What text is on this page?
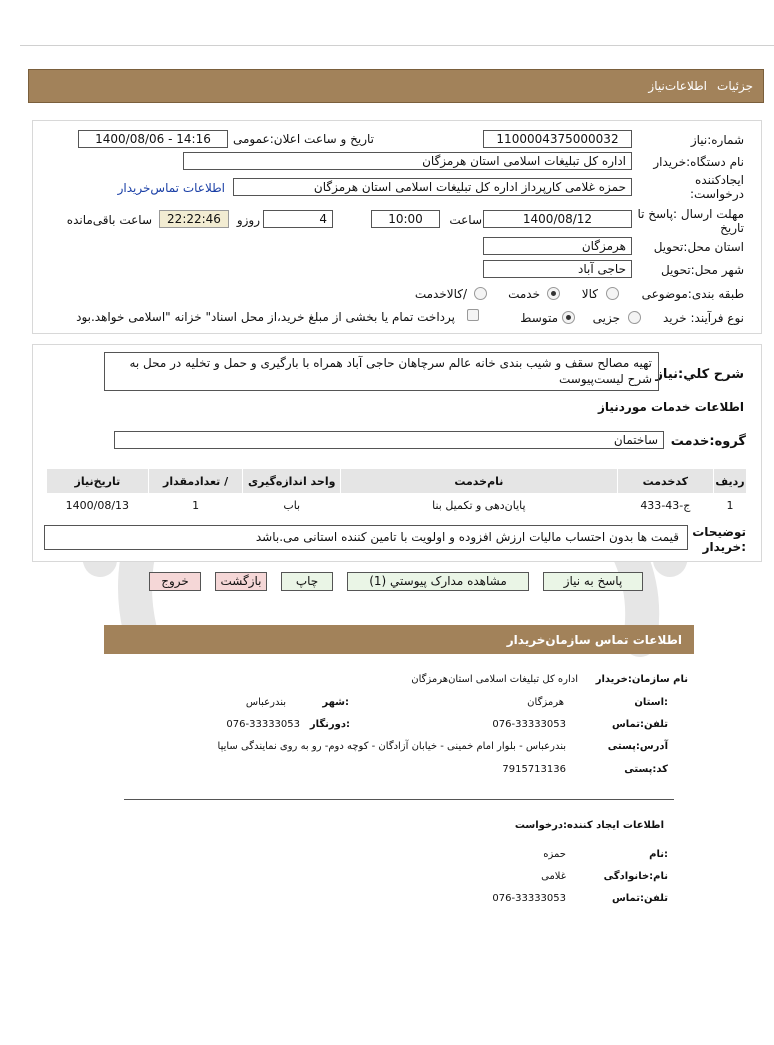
جزئیات
اطلاعات‌نیاز
شماره:نیاز
1100004375000032
تاریخ و ساعت اعلان:عمومی
1400/08/06 - 14:16
نام دستگاه:خریدار
اداره کل تبلیغات اسلامی استان هرمزگان
ایجادکننده
درخواست:
حمزه غلامی کارپرداز اداره کل تبلیغات اسلامی استان هرمزگان
اطلاعات تماس‌خریدار
مهلت ارسال :پاسخ تا
تاریخ
1400/08/12
ساعت
10:00
4
روزو
22:22:46
ساعت باقی‌مانده
استان محل:تحویل
هرمزگان
شهر محل:تحویل
حاجی آباد
طبقه بندی:موضوعی
کالا
خدمت
/کالاخدمت
نوع فرآیند: خرید
جزیی
متوسط
پرداخت تمام یا بخشی از مبلغ خرید،از محل اسناد" خزانه "اسلامی خواهد.بود
شرح کلي:نياز
تهیه مصالح سقف و شیب بندی خانه عالم سرچاهان حاجی آباد همراه با بارگیری و حمل و تخلیه در محل به شرح لیست‌پیوست
اطلاعات خدمات موردنياز
گروه:خدمت
ساختمان
ردیف	کدخدمت	نام‌خدمت	واحد اندازه‌گیری	/ تعدادمقدار	تاریخ‌نیاز
1	ج-43-433	پایان‌دهی و تکمیل بنا	باب	1	1400/08/13
توضیحات
:خریدار
قیمت ها بدون احتساب مالیات ارزش افزوده و اولویت با تامین کننده استانی می.باشد
پاسخ به نیاز
مشاهده مدارک پیوستي (1)
چاپ
بازگشت
خروج
اطلاعات تماس سازمان‌خریدار
نام سازمان:خریدار
اداره کل تبلیغات اسلامی استان‌هرمزگان
:استان
هرمزگان
:شهر
بندرعباس
تلفن:تماس
076-33333053
:دورنگار
076-33333053
آدرس:پستی
بندرعباس - بلوار امام خمینی - خیابان آزادگان - کوچه دوم- رو به روی نمایندگی سایپا
کد:پستی
7915713136
اطلاعات ایجاد کننده:درخواست
:نام
حمزه
نام:خانوادگی
غلامی
تلفن:تماس
076-33333053
